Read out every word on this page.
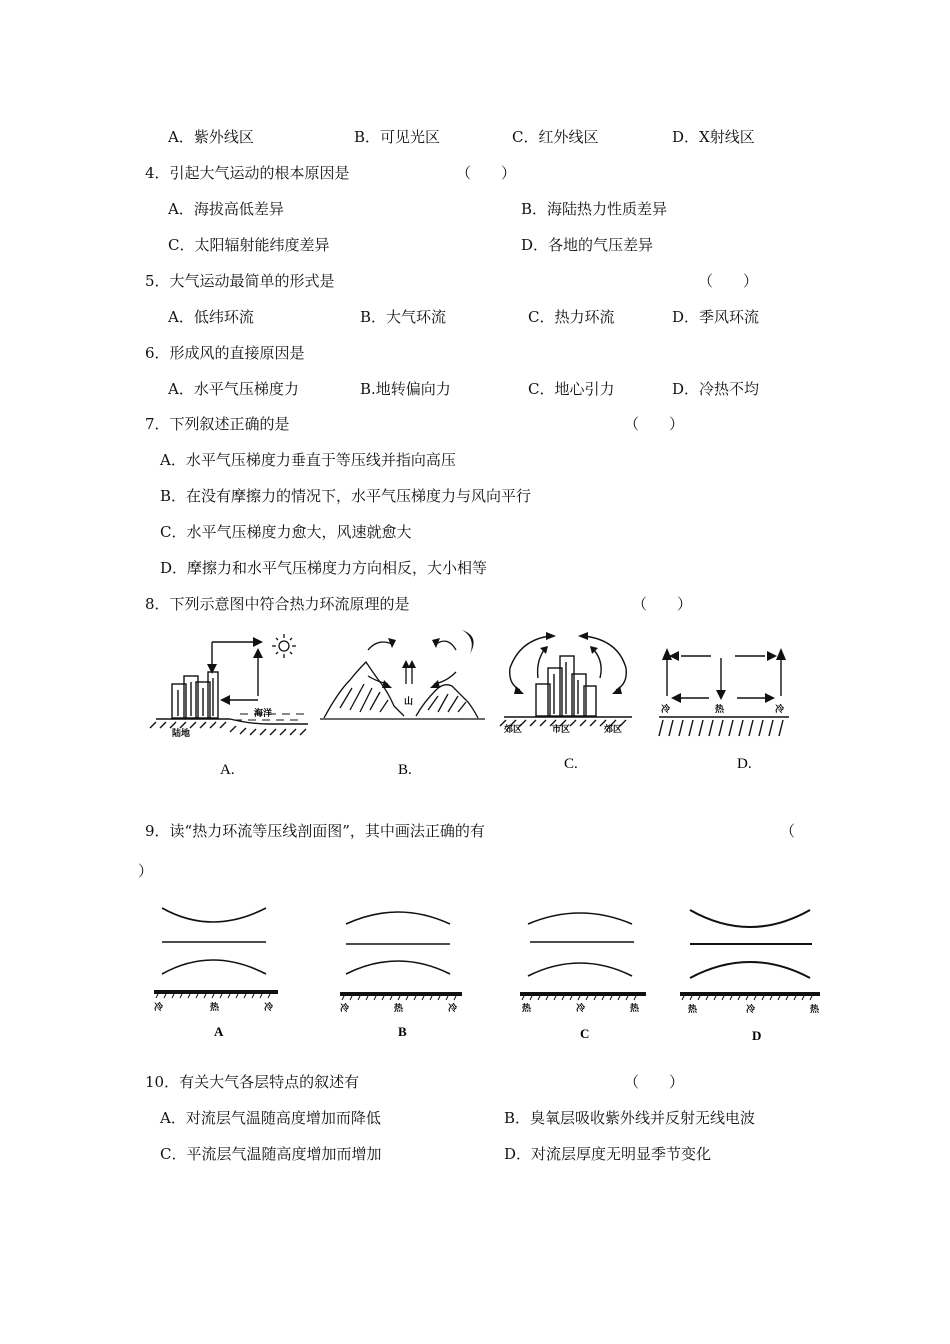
A．紫外线区	B．可见光区	C．红外线区	D．X射线区
4．引起大气运动的根本原因是	（　　）
A．海拔高低差异	B．海陆热力性质差异
C．太阳辐射能纬度差异	D．各地的气压差异
5．大气运动最简单的形式是	（　　）
A．低纬环流	B．大气环流	C．热力环流	D．季风环流
6．形成风的直接原因是
A．水平气压梯度力	B.地转偏向力	C．地心引力	D．冷热不均
7．下列叙述正确的是	（　　）
A．水平气压梯度力垂直于等压线并指向高压
B．在没有摩擦力的情况下，水平气压梯度力与风向平行
C．水平气压梯度力愈大，风速就愈大
D．摩擦力和水平气压梯度力方向相反，大小相等
8．下列示意图中符合热力环流原理的是	（　　）
陆地
海洋
A.
山
B.
郊区	市区	郊区
C.
冷	热	冷
D.
9．读“热力环流等压线剖面图”，其中画法正确的有	（
）
冷	热	冷
A
冷	热	冷
B
热	冷	热
C
热	冷	热
D
10．有关大气各层特点的叙述有	（　　）
A．对流层气温随高度增加而降低	B．臭氧层吸收紫外线并反射无线电波
C．平流层气温随高度增加而增加	D．对流层厚度无明显季节变化
